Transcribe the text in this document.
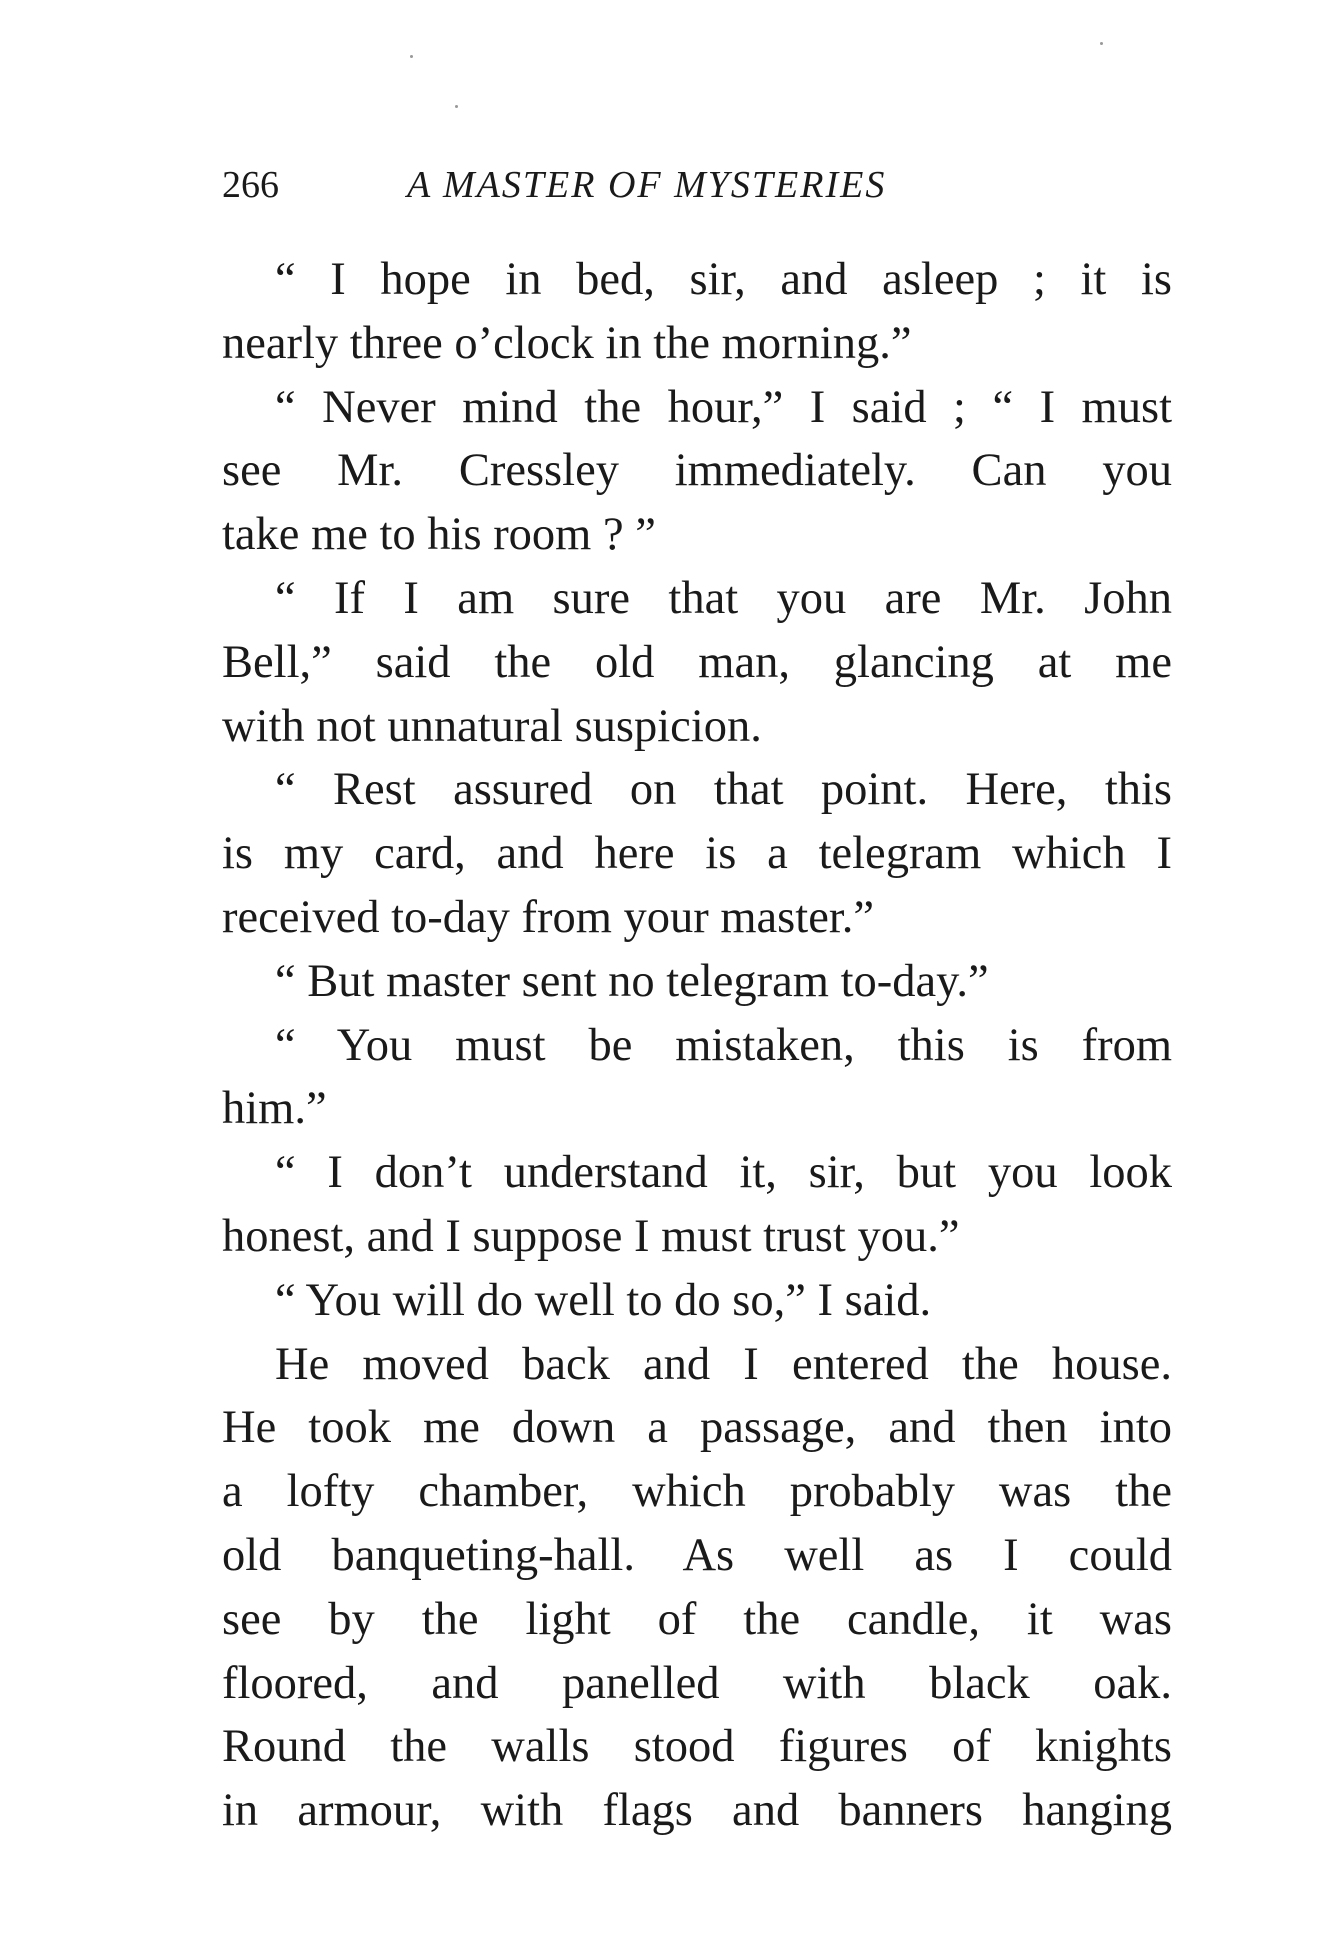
266	A MASTER OF MYSTERIES
“ I hope in bed, sir, and asleep ; it is
nearly three o’clock in the morning.”
“ Never mind the hour,” I said ; “ I must
see Mr. Cressley immediately. Can you
take me to his room ? ”
“ If I am sure that you are Mr. John
Bell,” said the old man, glancing at me
with not unnatural suspicion.
“ Rest assured on that point. Here, this
is my card, and here is a telegram which I
received to-day from your master.”
“ But master sent no telegram to-day.”
“ You must be mistaken, this is from
him.”
“ I don’t understand it, sir, but you look
honest, and I suppose I must trust you.”
“ You will do well to do so,” I said.
He moved back and I entered the house.
He took me down a passage, and then into
a lofty chamber, which probably was the
old banqueting-hall. As well as I could
see by the light of the candle, it was
floored, and panelled with black oak.
Round the walls stood figures of knights
in armour, with flags and banners hanging
